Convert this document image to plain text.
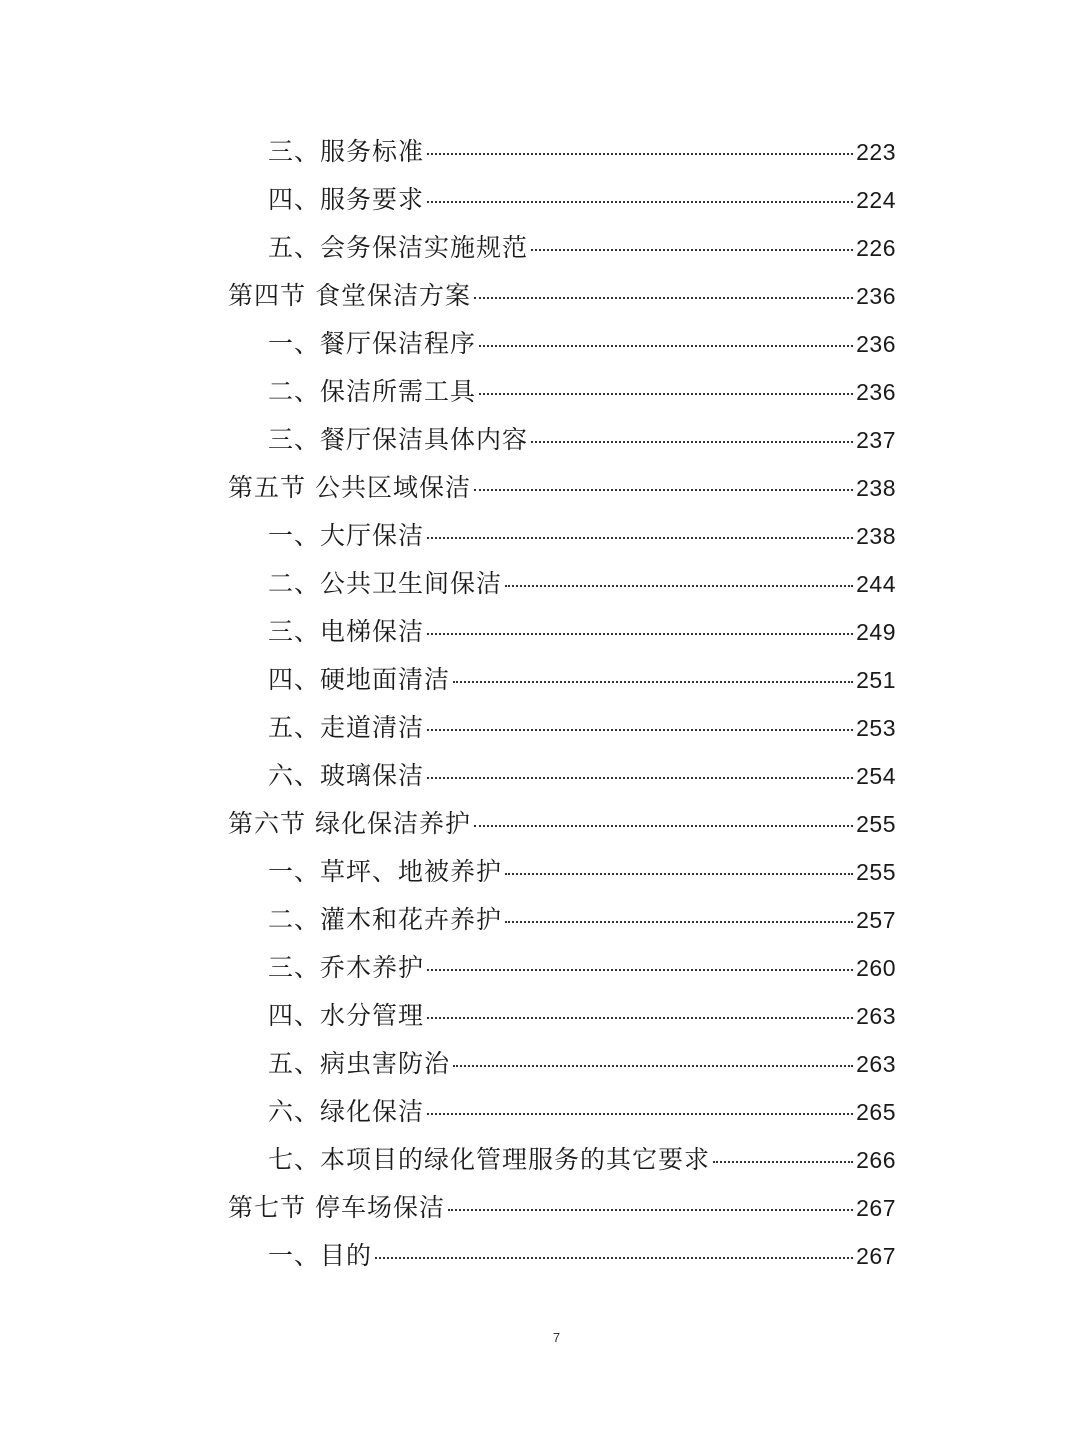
三、服务标准	223
四、服务要求	224
五、会务保洁实施规范	226
第四节 食堂保洁方案	236
一、餐厅保洁程序	236
二、保洁所需工具	236
三、餐厅保洁具体内容	237
第五节 公共区域保洁	238
一、大厅保洁	238
二、公共卫生间保洁	244
三、电梯保洁	249
四、硬地面清洁	251
五、走道清洁	253
六、玻璃保洁	254
第六节 绿化保洁养护	255
一、草坪、地被养护	255
二、灌木和花卉养护	257
三、乔木养护	260
四、水分管理	263
五、病虫害防治	263
六、绿化保洁	265
七、本项目的绿化管理服务的其它要求	266
第七节 停车场保洁	267
一、目的	267
7
